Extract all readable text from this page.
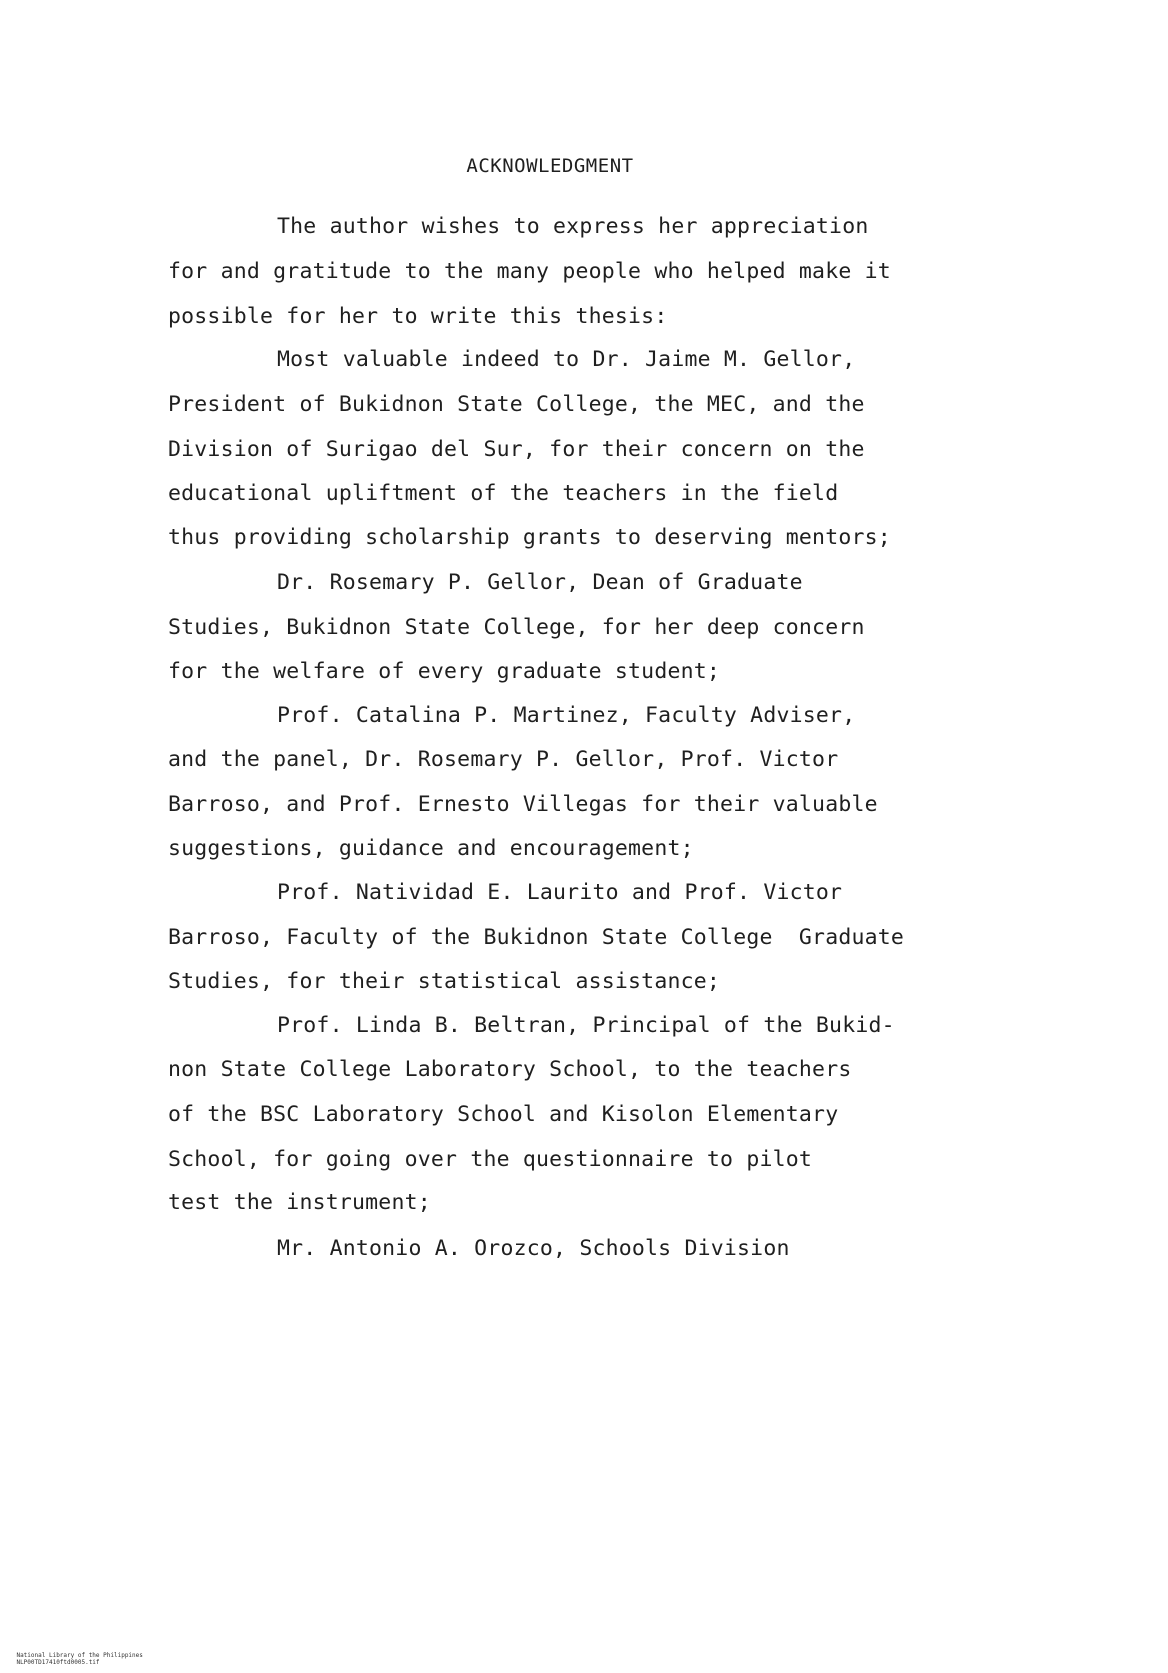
ACKNOWLEDGMENT
The author wishes to express her appreciation
for and gratitude to the many people who helped make it
possible for her to write this thesis:
Most valuable indeed to Dr. Jaime M. Gellor,
President of Bukidnon State College, the MEC, and the
Division of Surigao del Sur, for their concern on the
educational upliftment of the teachers in the field
thus providing scholarship grants to deserving mentors;
Dr. Rosemary P. Gellor, Dean of Graduate
Studies, Bukidnon State College, for her deep concern
for the welfare of every graduate student;
Prof. Catalina P. Martinez, Faculty Adviser,
and the panel, Dr. Rosemary P. Gellor, Prof. Victor
Barroso, and Prof. Ernesto Villegas for their valuable
suggestions, guidance and encouragement;
Prof. Natividad E. Laurito and Prof. Victor
Barroso, Faculty of the Bukidnon State College  Graduate
Studies, for their statistical assistance;
Prof. Linda B. Beltran, Principal of the Bukid-
non State College Laboratory School, to the teachers
of the BSC Laboratory School and Kisolon Elementary
School, for going over the questionnaire to pilot
test the instrument;
Mr. Antonio A. Orozco, Schools Division

National Library of the Philippines
NLP00TD17410ftd0005.tif
